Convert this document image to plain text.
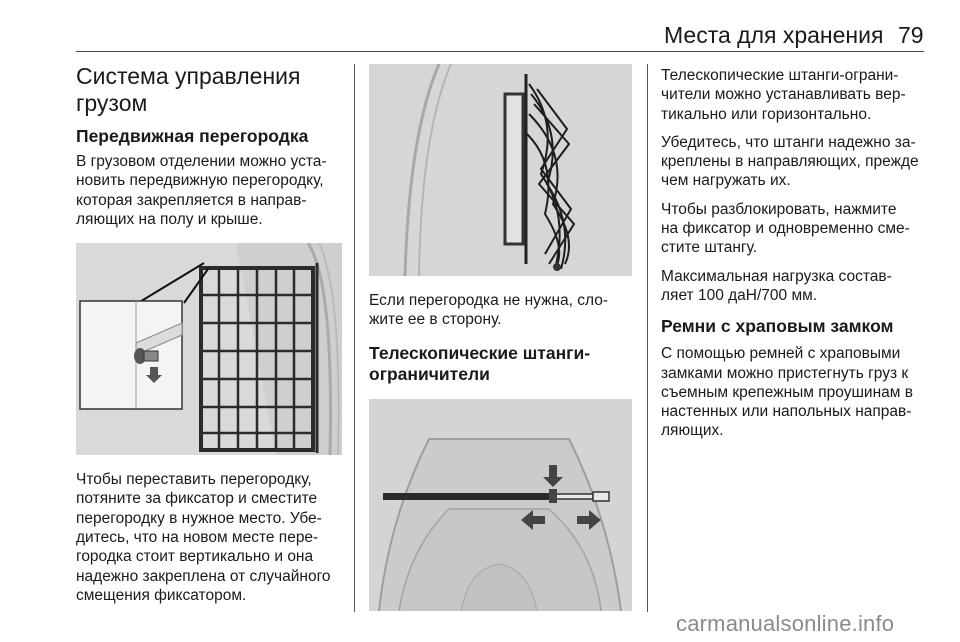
Места для хранения 79
Система управления грузом
Передвижная перегородка

В грузовом отделении можно уста-
новить передвижную перегородку,
которая закрепляется в направ-
ляющих на полу и крыше.

Чтобы переставить перегородку,
потяните за фиксатор и сместите
перегородку в нужное место. Убе-
дитесь, что на новом месте пере-
городка стоит вертикально и она
надежно закреплена от случайного
смещения фиксатором.

Если перегородка не нужна, сло-
жите ее в сторону.

Телескопические штанги-
ограничители

Телескопические штанги-ограни-
чители можно устанавливать вер-
тикально или горизонтально.

Убедитесь, что штанги надежно за-
креплены в направляющих, прежде
чем нагружать их.

Чтобы разблокировать, нажмите
на фиксатор и одновременно сме-
стите штангу.

Максимальная нагрузка состав-
ляет 100 даН/700 мм.

Ремни с храповым замком

С помощью ремней с храповыми
замками можно пристегнуть груз к
съемным крепежным проушинам в
настенных или напольных направ-
ляющих.

carmanualsonline.info
